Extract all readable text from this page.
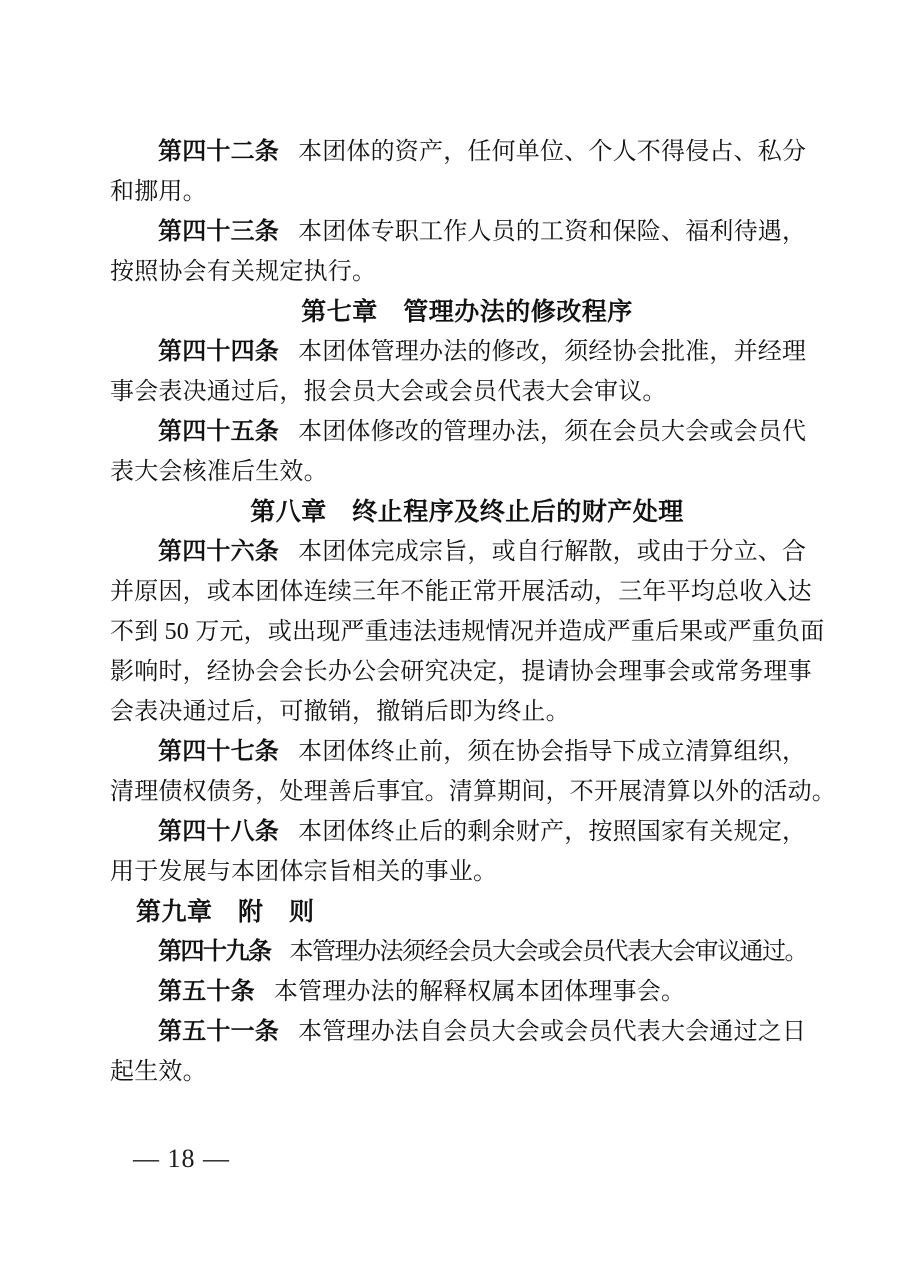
第四十二条 本团体的资产，任何单位、个人不得侵占、私分
和挪用。
第四十三条 本团体专职工作人员的工资和保险、福利待遇，
按照协会有关规定执行。
第七章　管理办法的修改程序
第四十四条 本团体管理办法的修改，须经协会批准，并经理
事会表决通过后，报会员大会或会员代表大会审议。
第四十五条 本团体修改的管理办法，须在会员大会或会员代
表大会核准后生效。
第八章　终止程序及终止后的财产处理
第四十六条 本团体完成宗旨，或自行解散，或由于分立、合
并原因，或本团体连续三年不能正常开展活动，三年平均总收入达
不到 50 万元，或出现严重违法违规情况并造成严重后果或严重负面
影响时，经协会会长办公会研究决定，提请协会理事会或常务理事
会表决通过后，可撤销，撤销后即为终止。
第四十七条 本团体终止前，须在协会指导下成立清算组织，
清理债权债务，处理善后事宜。清算期间，不开展清算以外的活动。
第四十八条 本团体终止后的剩余财产，按照国家有关规定，
用于发展与本团体宗旨相关的事业。
第九章　附　则
第四十九条 本管理办法须经会员大会或会员代表大会审议通过。
第五十条 本管理办法的解释权属本团体理事会。
第五十一条 本管理办法自会员大会或会员代表大会通过之日
起生效。
— 18 —
